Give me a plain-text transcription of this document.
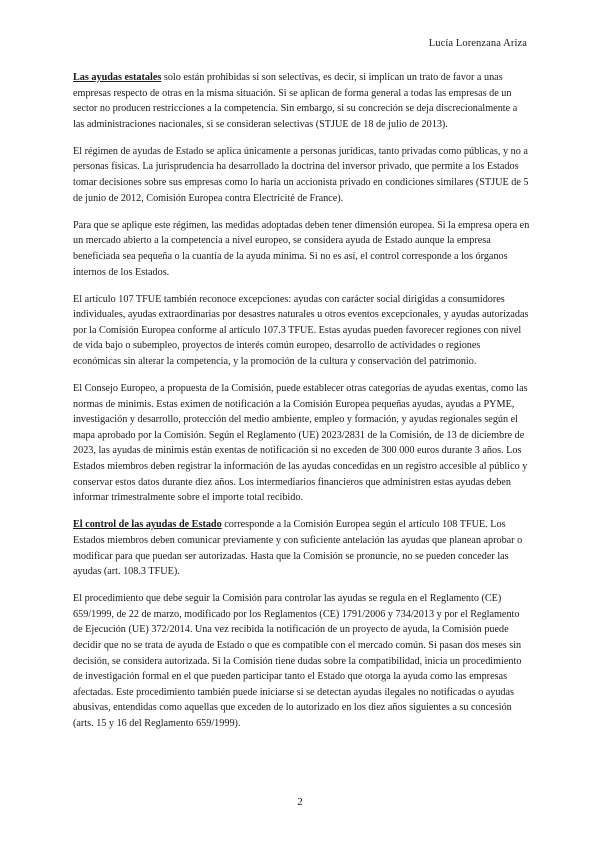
Lucía Lorenzana Ariza

Las ayudas estatales solo están prohibidas si son selectivas, es decir, si implican un trato de favor a unas empresas respecto de otras en la misma situación. Si se aplican de forma general a todas las empresas de un sector no producen restricciones a la competencia. Sin embargo, si su concreción se deja discrecionalmente a las administraciones nacionales, si se consideran selectivas (STJUE de 18 de julio de 2013).

El régimen de ayudas de Estado se aplica únicamente a personas jurídicas, tanto privadas como públicas, y no a personas físicas. La jurisprudencia ha desarrollado la doctrina del inversor privado, que permite a los Estados tomar decisiones sobre sus empresas como lo haría un accionista privado en condiciones similares (STJUE de 5 de junio de 2012, Comisión Europea contra Electricité de France).

Para que se aplique este régimen, las medidas adoptadas deben tener dimensión europea. Si la empresa opera en un mercado abierto a la competencia a nivel europeo, se considera ayuda de Estado aunque la empresa beneficiada sea pequeña o la cuantía de la ayuda mínima. Si no es así, el control corresponde a los órganos internos de los Estados.

El artículo 107 TFUE también reconoce excepciones: ayudas con carácter social dirigidas a consumidores individuales, ayudas extraordinarias por desastres naturales u otros eventos excepcionales, y ayudas autorizadas por la Comisión Europea conforme al artículo 107.3 TFUE. Estas ayudas pueden favorecer regiones con nivel de vida bajo o subempleo, proyectos de interés común europeo, desarrollo de actividades o regiones económicas sin alterar la competencia, y la promoción de la cultura y conservación del patrimonio.

El Consejo Europeo, a propuesta de la Comisión, puede establecer otras categorías de ayudas exentas, como las normas de minimis. Estas eximen de notificación a la Comisión Europea pequeñas ayudas, ayudas a PYME, investigación y desarrollo, protección del medio ambiente, empleo y formación, y ayudas regionales según el mapa aprobado por la Comisión. Según el Reglamento (UE) 2023/2831 de la Comisión, de 13 de diciembre de 2023, las ayudas de minimis están exentas de notificación si no exceden de 300 000 euros durante 3 años. Los Estados miembros deben registrar la información de las ayudas concedidas en un registro accesible al público y conservar estos datos durante diez años. Los intermediarios financieros que administren estas ayudas deben informar trimestralmente sobre el importe total recibido.

El control de las ayudas de Estado corresponde a la Comisión Europea según el artículo 108 TFUE. Los Estados miembros deben comunicar previamente y con suficiente antelación las ayudas que planean aprobar o modificar para que puedan ser autorizadas. Hasta que la Comisión se pronuncie, no se pueden conceder las ayudas (art. 108.3 TFUE).

El procedimiento que debe seguir la Comisión para controlar las ayudas se regula en el Reglamento (CE) 659/1999, de 22 de marzo, modificado por los Reglamentos (CE) 1791/2006 y 734/2013 y por el Reglamento de Ejecución (UE) 372/2014. Una vez recibida la notificación de un proyecto de ayuda, la Comisión puede decidir que no se trata de ayuda de Estado o que es compatible con el mercado común. Si pasan dos meses sin decisión, se considera autorizada. Si la Comisión tiene dudas sobre la compatibilidad, inicia un procedimiento de investigación formal en el que pueden participar tanto el Estado que otorga la ayuda como las empresas afectadas. Este procedimiento también puede iniciarse si se detectan ayudas ilegales no notificadas o ayudas abusivas, entendidas como aquellas que exceden de lo autorizado en los diez años siguientes a su concesión (arts. 15 y 16 del Reglamento 659/1999).

2
